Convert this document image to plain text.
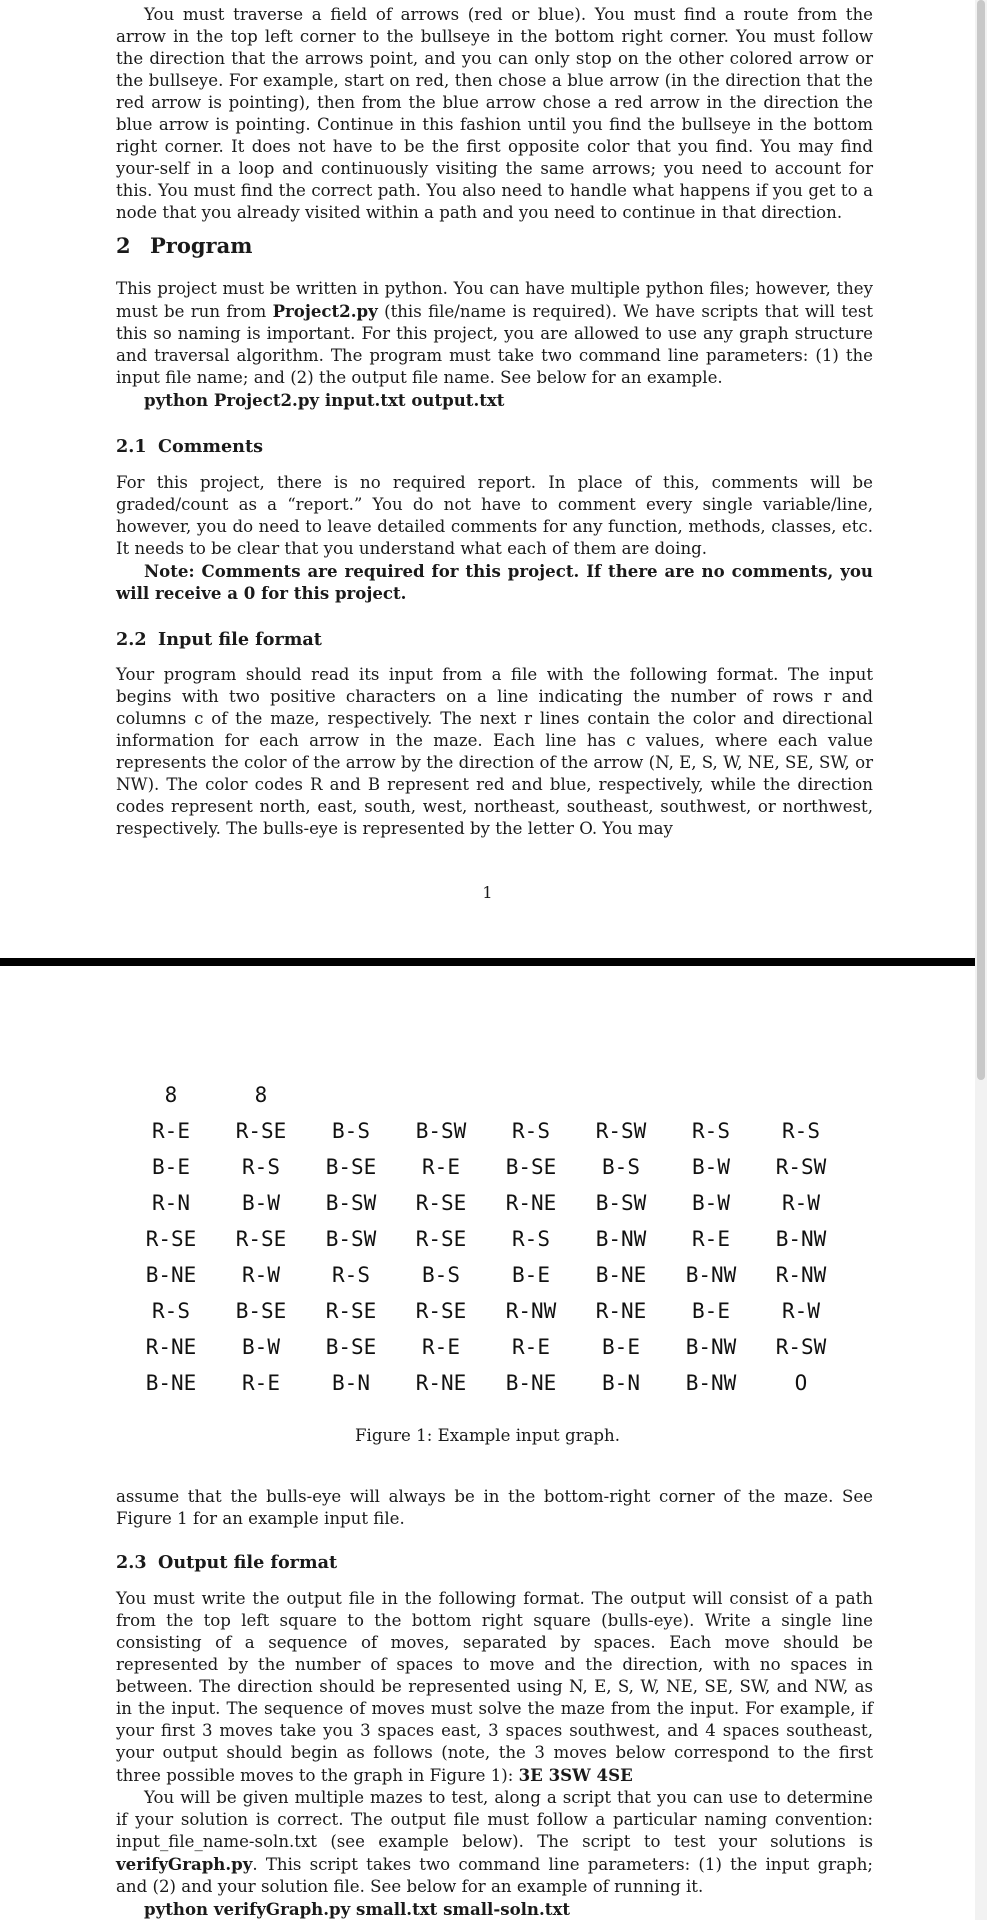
You must traverse a field of arrows (red or blue). You must find a route from the arrow in the top left corner to the bullseye in the bottom right corner. You must follow the direction that the arrows point, and you can only stop on the other colored arrow or the bullseye. For example, start on red, then chose a blue arrow (in the direction that the red arrow is pointing), then from the blue arrow chose a red arrow in the direction the blue arrow is pointing. Continue in this fashion until you find the bullseye in the bottom right corner. It does not have to be the first opposite color that you find. You may find your-self in a loop and continuously visiting the same arrows; you need to account for this. You must find the correct path. You also need to handle what happens if you get to a node that you already visited within a path and you need to continue in that direction.

2 Program

This project must be written in python. You can have multiple python files; however, they must be run from Project2.py (this file/name is required). We have scripts that will test this so naming is important. For this project, you are allowed to use any graph structure and traversal algorithm. The program must take two command line parameters: (1) the input file name; and (2) the output file name. See below for an example.

python Project2.py input.txt output.txt
2.1 Comments

For this project, there is no required report. In place of this, comments will be graded/count as a “report.” You do not have to comment every single variable/line, however, you do need to leave detailed comments for any function, methods, classes, etc. It needs to be clear that you understand what each of them are doing.

Note: Comments are required for this project. If there are no comments, you will receive a 0 for this project.

2.2 Input file format

Your program should read its input from a file with the following format. The input begins with two positive characters on a line indicating the number of rows r and columns c of the maze, respectively. The next r lines contain the color and directional information for each arrow in the maze. Each line has c values, where each value represents the color of the arrow by the direction of the arrow (N, E, S, W, NE, SE, SW, or NW). The color codes R and B represent red and blue, respectively, while the direction codes represent north, east, south, west, northeast, southeast, southwest, or northwest, respectively. The bulls-eye is represented by the letter O. You may

1
8	8
R-E	R-SE	B-S	B-SW	R-S	R-SW	R-S	R-S
B-E	R-S	B-SE	R-E	B-SE	B-S	B-W	R-SW
R-N	B-W	B-SW	R-SE	R-NE	B-SW	B-W	R-W
R-SE	R-SE	B-SW	R-SE	R-S	B-NW	R-E	B-NW
B-NE	R-W	R-S	B-S	B-E	B-NE	B-NW	R-NW
R-S	B-SE	R-SE	R-SE	R-NW	R-NE	B-E	R-W
R-NE	B-W	B-SE	R-E	R-E	B-E	B-NW	R-SW
B-NE	R-E	B-N	R-NE	B-NE	B-N	B-NW	O
Figure 1: Example input graph.

assume that the bulls-eye will always be in the bottom-right corner of the maze. See Figure 1 for an example input file.

2.3 Output file format

You must write the output file in the following format. The output will consist of a path from the top left square to the bottom right square (bulls-eye). Write a single line consisting of a sequence of moves, separated by spaces. Each move should be represented by the number of spaces to move and the direction, with no spaces in between. The direction should be represented using N, E, S, W, NE, SE, SW, and NW, as in the input. The sequence of moves must solve the maze from the input. For example, if your first 3 moves take you 3 spaces east, 3 spaces southwest, and 4 spaces southeast, your output should begin as follows (note, the 3 moves below correspond to the first three possible moves to the graph in Figure 1): 3E 3SW 4SE

You will be given multiple mazes to test, along a script that you can use to determine if your solution is correct. The output file must follow a particular naming convention: input_file_name-soln.txt (see example below). The script to test your solutions is verifyGraph.py. This script takes two command line parameters: (1) the input graph; and (2) and your solution file. See below for an example of running it.

python verifyGraph.py small.txt small-soln.txt
